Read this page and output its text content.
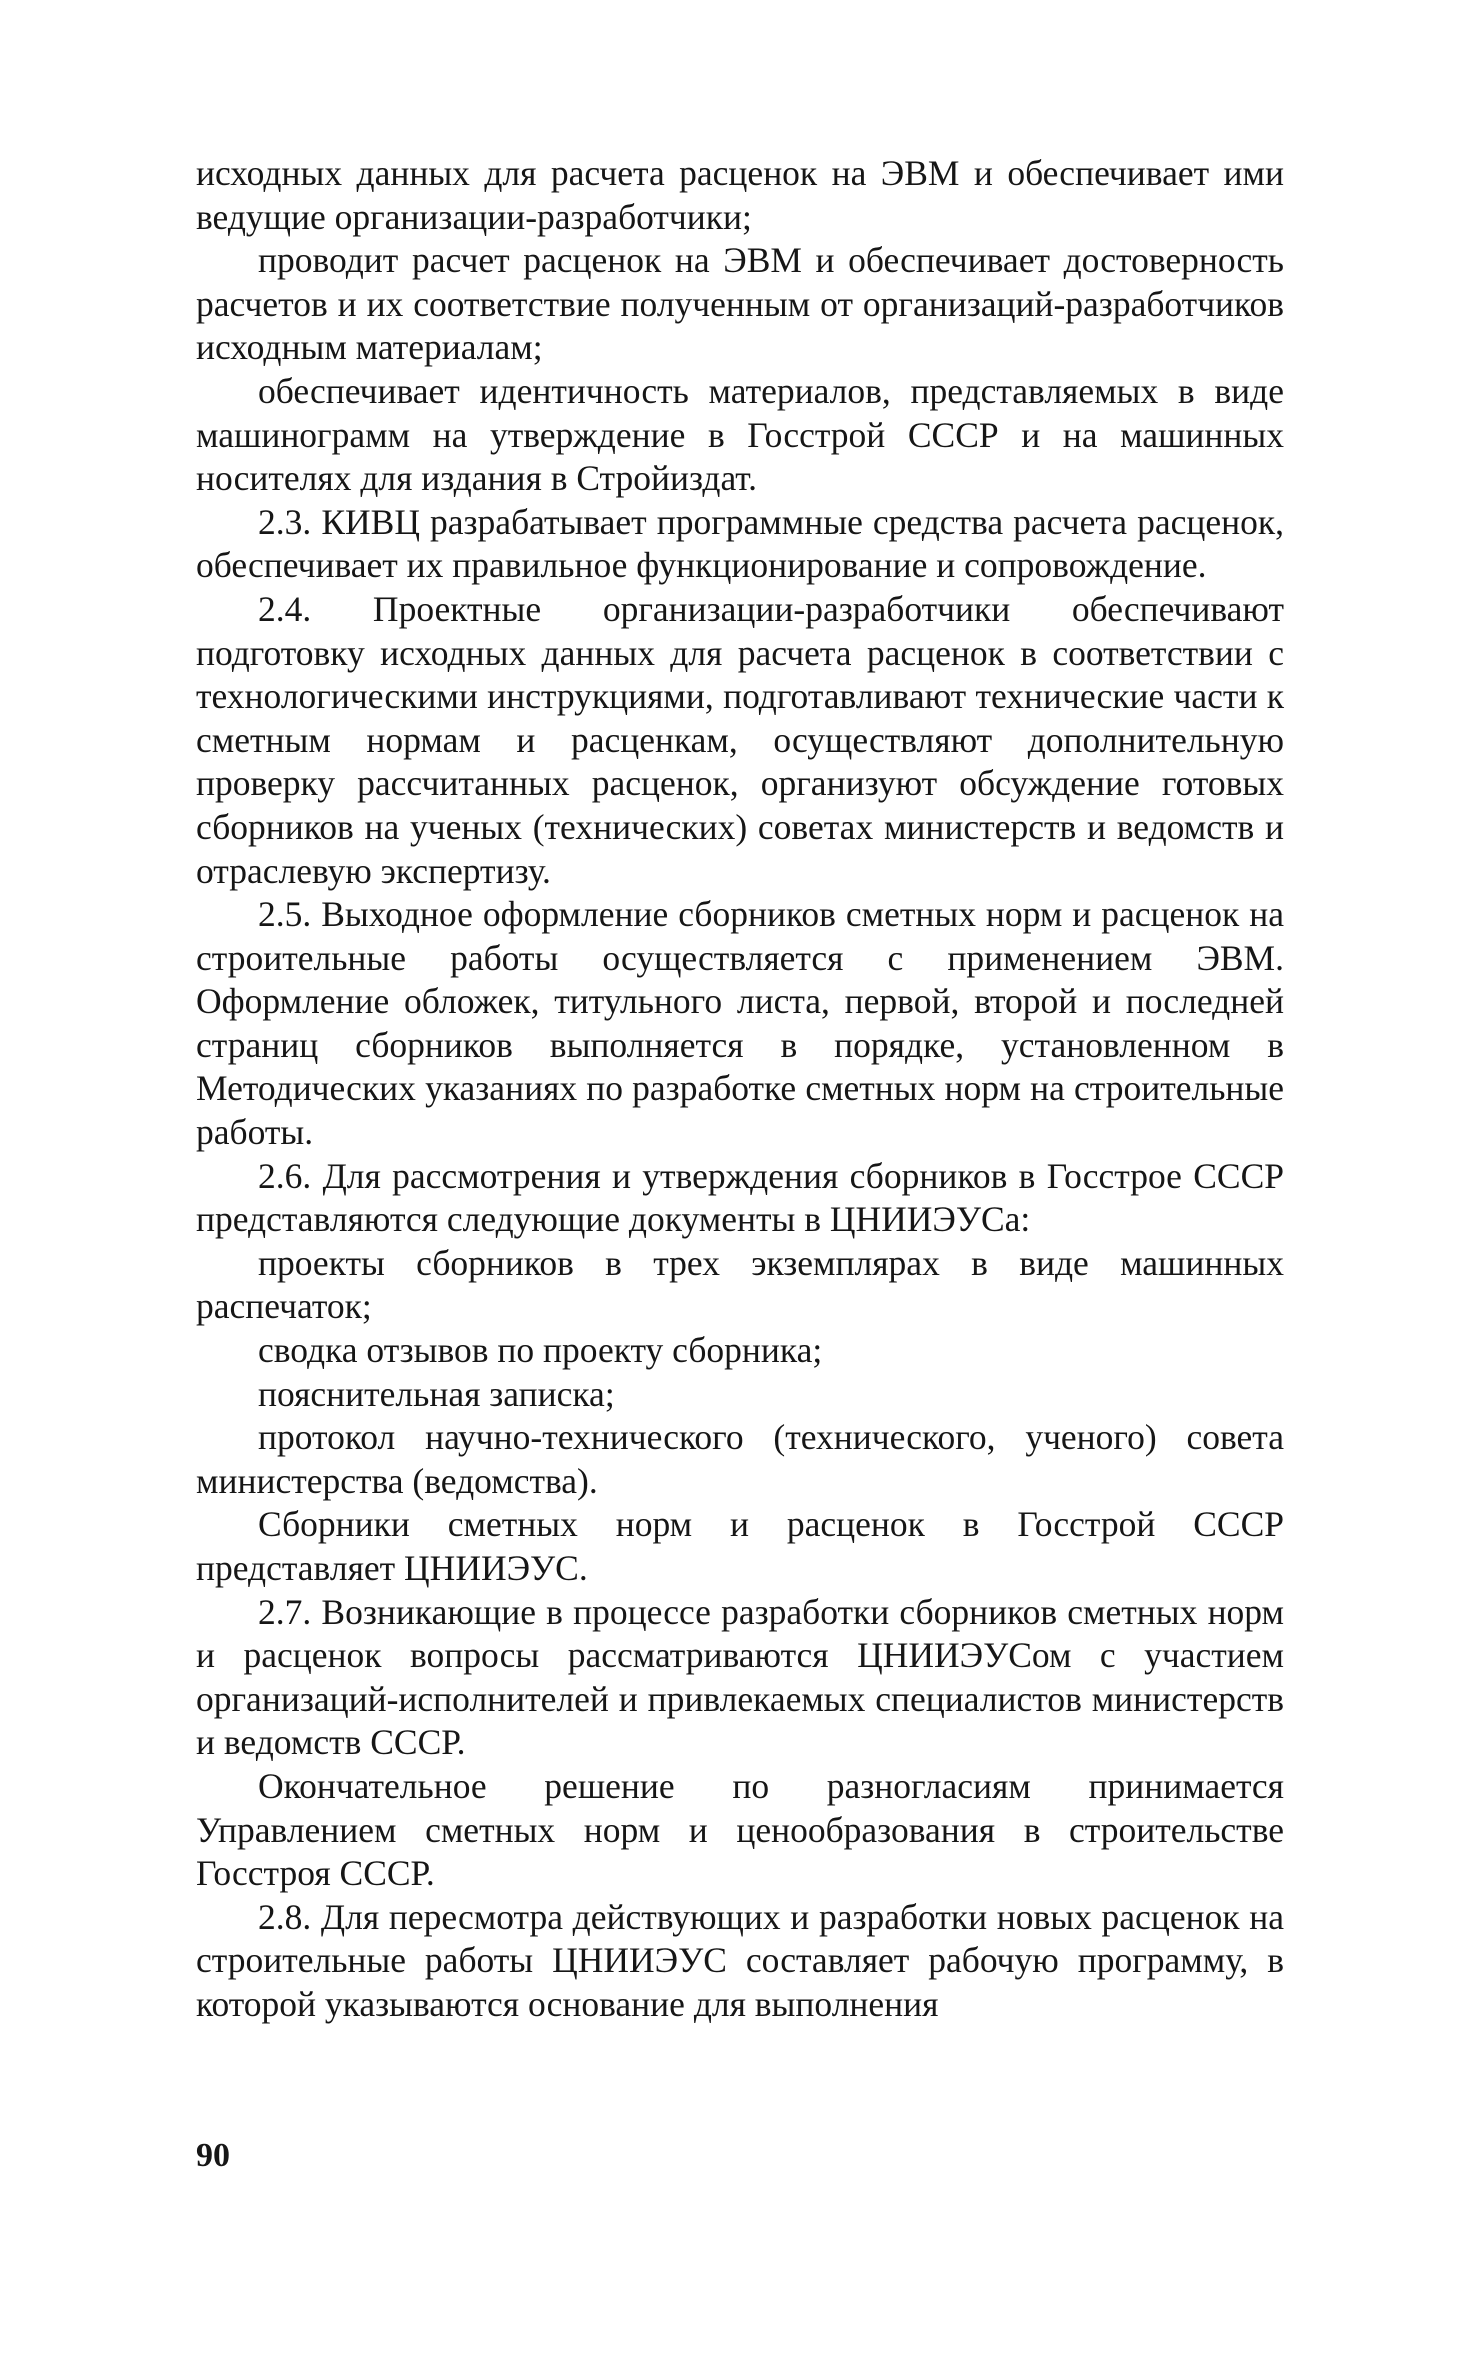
исходных данных для расчета расценок на ЭВМ и обеспечивает ими ведущие организации-разработчики;

проводит расчет расценок на ЭВМ и обеспечивает достоверность расчетов и их соответствие полученным от организаций-разработчиков исходным материалам;

обеспечивает идентичность материалов, представляемых в виде машинограмм на утверждение в Госстрой СССР и на машинных носителях для издания в Стройиздат.

2.3. КИВЦ разрабатывает программные средства расчета расценок, обеспечивает их правильное функционирование и сопровождение.

2.4. Проектные организации-разработчики обеспечивают подготовку исходных данных для расчета расценок в соответствии с технологическими инструкциями, подготавливают технические части к сметным нормам и расценкам, осуществляют дополнительную проверку рассчитанных расценок, организуют обсуждение готовых сборников на ученых (технических) советах министерств и ведомств и отраслевую экспертизу.

2.5. Выходное оформление сборников сметных норм и расценок на строительные работы осуществляется с применением ЭВМ. Оформление обложек, титульного листа, первой, второй и последней страниц сборников выполняется в порядке, установленном в Методических указаниях по разработке сметных норм на строительные работы.

2.6. Для рассмотрения и утверждения сборников в Госстрое СССР представляются следующие документы в ЦНИИЭУСа:

проекты сборников в трех экземплярах в виде машинных распечаток;

сводка отзывов по проекту сборника;

пояснительная записка;

протокол научно-технического (технического, ученого) совета министерства (ведомства).

Сборники сметных норм и расценок в Госстрой СССР представляет ЦНИИЭУС.

2.7. Возникающие в процессе разработки сборников сметных норм и расценок вопросы рассматриваются ЦНИИЭУСом с участием организаций-исполнителей и привлекаемых специалистов министерств и ведомств СССР.

Окончательное решение по разногласиям принимается Управлением сметных норм и ценообразования в строительстве Госстроя СССР.

2.8. Для пересмотра действующих и разработки новых расценок на строительные работы ЦНИИЭУС составляет рабочую программу, в которой указываются основание для выполнения

90
